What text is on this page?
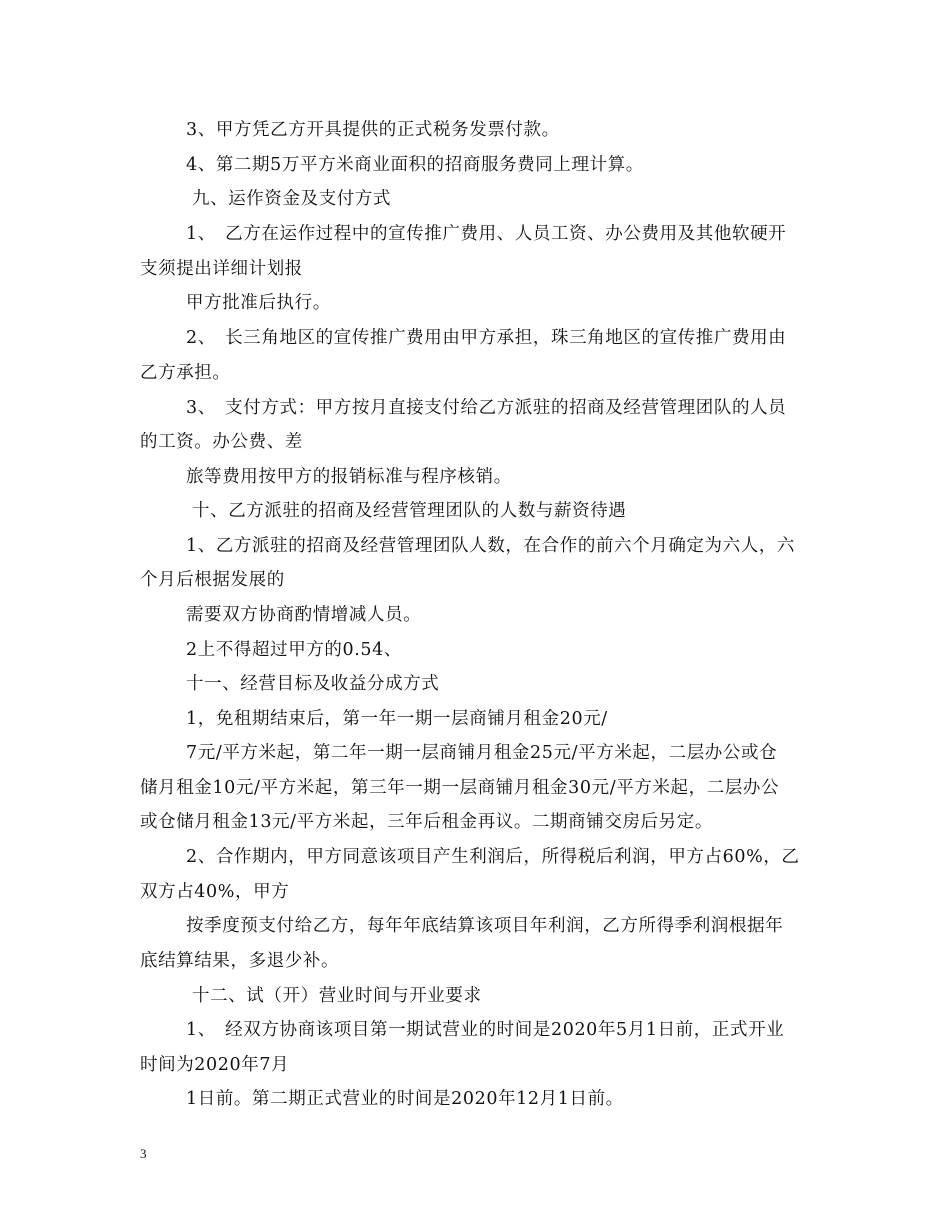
3、甲方凭乙方开具提供的正式税务发票付款。
4、第二期5万平方米商业面积的招商服务费同上理计算。
九、运作资金及支付方式
1、　乙方在运作过程中的宣传推广费用、人员工资、办公费用及其他软硬开
支须提出详细计划报
甲方批准后执行。
2、　长三角地区的宣传推广费用由甲方承担，珠三角地区的宣传推广费用由
乙方承担。
3、　支付方式：甲方按月直接支付给乙方派驻的招商及经营管理团队的人员
的工资。办公费、差
旅等费用按甲方的报销标准与程序核销。
十、乙方派驻的招商及经营管理团队的人数与薪资待遇
1、乙方派驻的招商及经营管理团队人数，在合作的前六个月确定为六人，六
个月后根据发展的
需要双方协商酌情增减人员。
2上不得超过甲方的0.54、
十一、经营目标及收益分成方式
1，免租期结束后，第一年一期一层商铺月租金20元/
7元/平方米起，第二年一期一层商铺月租金25元/平方米起，二层办公或仓
储月租金10元/平方米起，第三年一期一层商铺月租金30元/平方米起，二层办公
或仓储月租金13元/平方米起，三年后租金再议。二期商铺交房后另定。
2、合作期内，甲方同意该项目产生利润后，所得税后利润，甲方占60%，乙
双方占40%，甲方
按季度预支付给乙方，每年年底结算该项目年利润，乙方所得季利润根据年
底结算结果，多退少补。
十二、试（开）营业时间与开业要求
1、　经双方协商该项目第一期试营业的时间是2020年5月1日前，正式开业
时间为2020年7月
1日前。第二期正式营业的时间是2020年12月1日前。
3
